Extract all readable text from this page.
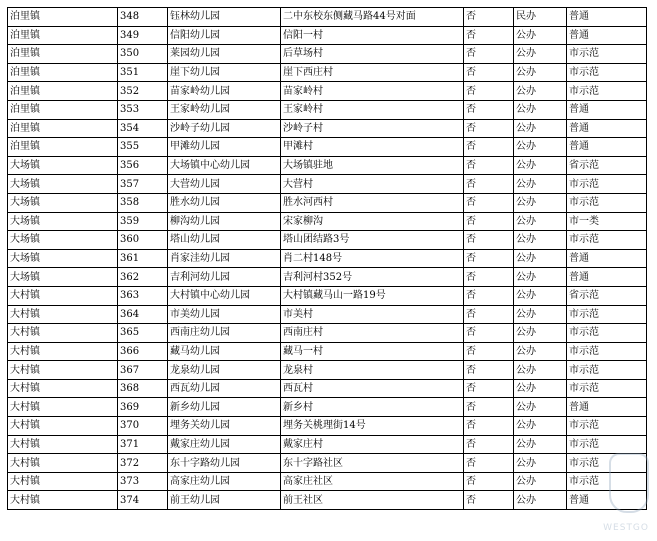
泊里镇	348	钰林幼儿园	二中东校东侧藏马路44号对面	否	民办	普通
泊里镇	349	信阳幼儿园	信阳一村	否	公办	普通
泊里镇	350	莱园幼儿园	后草场村	否	公办	市示范
泊里镇	351	崖下幼儿园	崖下西庄村	否	公办	市示范
泊里镇	352	苗家岭幼儿园	苗家岭村	否	公办	市示范
泊里镇	353	王家岭幼儿园	王家岭村	否	公办	普通
泊里镇	354	沙岭子幼儿园	沙岭子村	否	公办	普通
泊里镇	355	甲滩幼儿园	甲滩村	否	公办	普通
大场镇	356	大场镇中心幼儿园	大场镇驻地	否	公办	省示范
大场镇	357	大营幼儿园	大营村	否	公办	市示范
大场镇	358	胜水幼儿园	胜水河西村	否	公办	市示范
大场镇	359	柳沟幼儿园	宋家柳沟	否	公办	市一类
大场镇	360	塔山幼儿园	塔山团结路3号	否	公办	市示范
大场镇	361	肖家洼幼儿园	肖二村148号	否	公办	普通
大场镇	362	吉利河幼儿园	吉利河村352号	否	公办	普通
大村镇	363	大村镇中心幼儿园	大村镇藏马山一路19号	否	公办	省示范
大村镇	364	市美幼儿园	市美村	否	公办	市示范
大村镇	365	西南庄幼儿园	西南庄村	否	公办	市示范
大村镇	366	藏马幼儿园	藏马一村	否	公办	市示范
大村镇	367	龙泉幼儿园	龙泉村	否	公办	市示范
大村镇	368	西瓦幼儿园	西瓦村	否	公办	市示范
大村镇	369	新乡幼儿园	新乡村	否	公办	普通
大村镇	370	埋务关幼儿园	埋务关桃理街14号	否	公办	市示范
大村镇	371	戴家庄幼儿园	戴家庄村	否	公办	市示范
大村镇	372	东十字路幼儿园	东十字路社区	否	公办	市示范
大村镇	373	高家庄幼儿园	高家庄社区	否	公办	市示范
大村镇	374	前王幼儿园	前王社区	否	公办	普通
WESTGO
